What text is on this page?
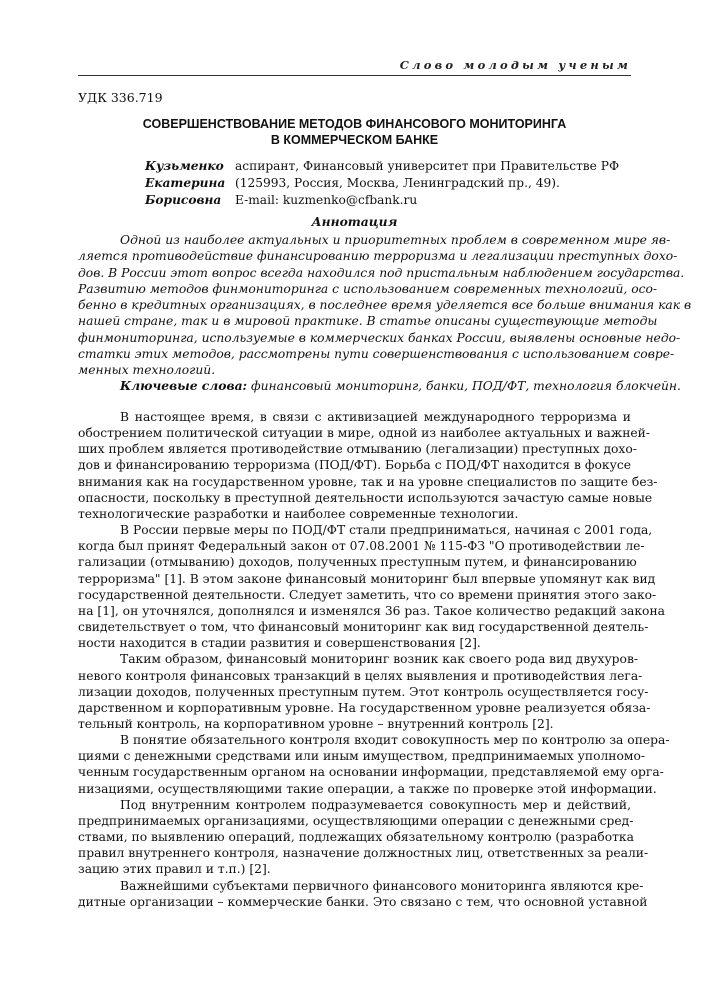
Слово молодым ученым
УДК 336.719
СОВЕРШЕНСТВОВАНИЕ МЕТОДОВ ФИНАНСОВОГО МОНИТОРИНГА
В КОММЕРЧЕСКОМ БАНКЕ
Кузьменко
Екатерина
Борисовна
аспирант, Финансовый университет при Правительстве РФ
(125993, Россия, Москва, Ленинградский пр., 49).
E-mail: kuzmenko@cfbank.ru
Аннотация
Одной из наиболее актуальных и приоритетных проблем в современном мире яв-
ляется противодействие финансированию терроризма и легализации преступных дохо-
дов. В России этот вопрос всегда находился под пристальным наблюдением государства.
Развитию методов финмониторинга с использованием современных технологий, осо-
бенно в кредитных организациях, в последнее время уделяется все больше внимания как в
нашей стране, так и в мировой практике. В статье описаны существующие методы
финмониторинга, используемые в коммерческих банках России, выявлены основные недо-
статки этих методов, рассмотрены пути совершенствования с использованием совре-
менных технологий.
Ключевые слова: финансовый мониторинг, банки, ПОД/ФТ, технология блокчейн.
В настоящее время, в связи с активизацией международного терроризма и
обострением политической ситуации в мире, одной из наиболее актуальных и важней-
ших проблем является противодействие отмыванию (легализации) преступных дохо-
дов и финансированию терроризма (ПОД/ФТ). Борьба с ПОД/ФТ находится в фокусе
внимания как на государственном уровне, так и на уровне специалистов по защите без-
опасности, поскольку в преступной деятельности используются зачастую самые новые
технологические разработки и наиболее современные технологии.
В России первые меры по ПОД/ФТ стали предприниматься, начиная с 2001 года,
когда был принят Федеральный закон от 07.08.2001 № 115-ФЗ "О противодействии ле-
гализации (отмыванию) доходов, полученных преступным путем, и финансированию
терроризма" [1]. В этом законе финансовый мониторинг был впервые упомянут как вид
государственной деятельности. Следует заметить, что со времени принятия этого зако-
на [1], он уточнялся, дополнялся и изменялся 36 раз. Такое количество редакций закона
свидетельствует о том, что финансовый мониторинг как вид государственной деятель-
ности находится в стадии развития и совершенствования [2].
Таким образом, финансовый мониторинг возник как своего рода вид двухуров-
невого контроля финансовых транзакций в целях выявления и противодействия лега-
лизации доходов, полученных преступным путем. Этот контроль осуществляется госу-
дарственном и корпоративным уровне. На государственном уровне реализуется обяза-
тельный контроль, на корпоративном уровне – внутренний контроль [2].
В понятие обязательного контроля входит совокупность мер по контролю за опера-
циями с денежными средствами или иным имуществом, предпринимаемых уполномо-
ченным государственным органом на основании информации, представляемой ему орга-
низациями, осуществляющими такие операции, а также по проверке этой информации.
Под внутренним контролем подразумевается совокупность мер и действий,
предпринимаемых организациями, осуществляющими операции с денежными сред-
ствами, по выявлению операций, подлежащих обязательному контролю (разработка
правил внутреннего контроля, назначение должностных лиц, ответственных за реали-
зацию этих правил и т.п.) [2].
Важнейшими субъектами первичного финансового мониторинга являются кре-
дитные организации – коммерческие банки. Это связано с тем, что основной уставной
